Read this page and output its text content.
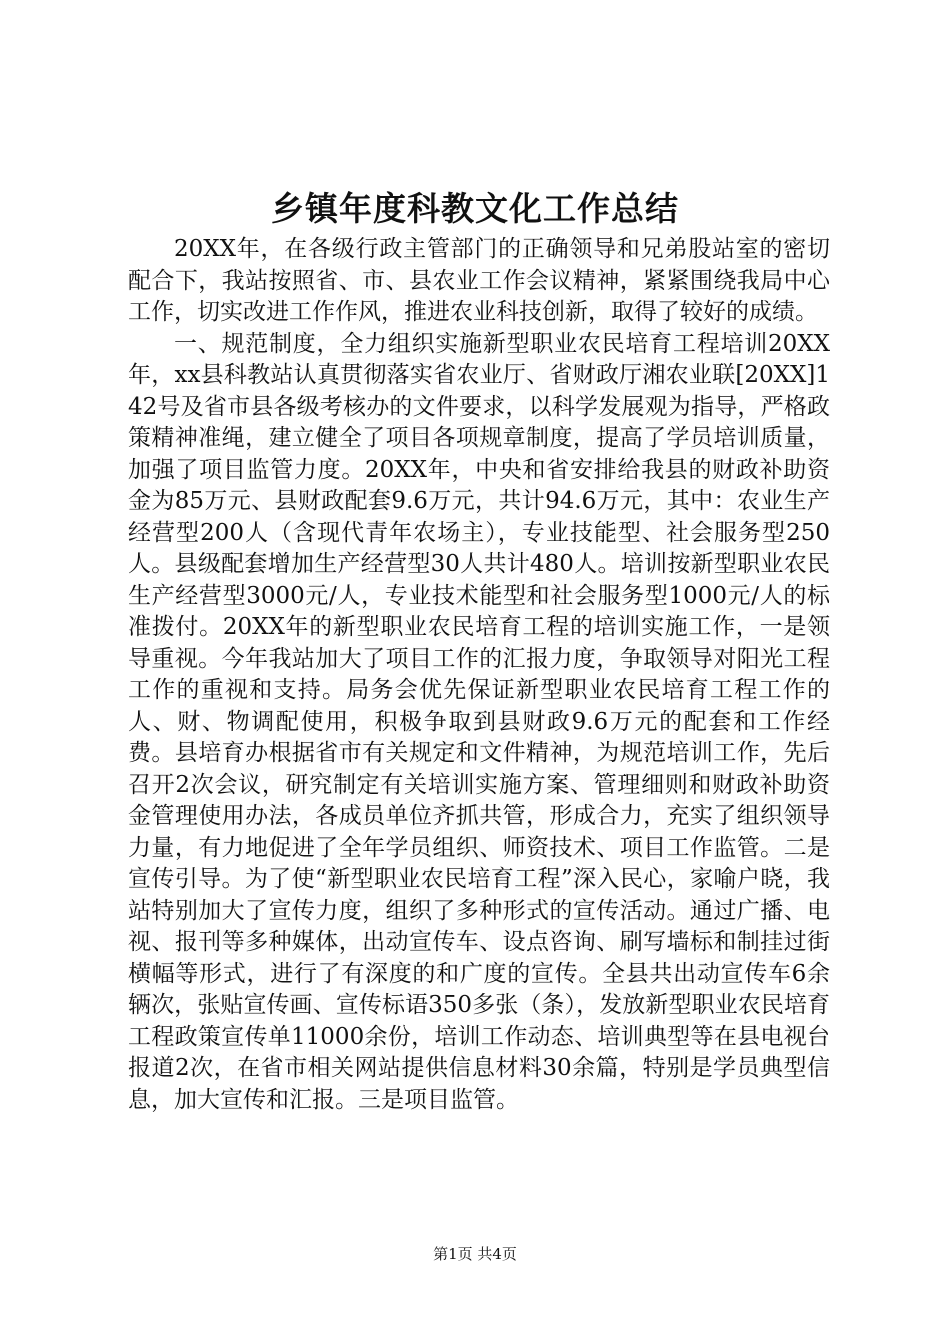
乡镇年度科教文化工作总结

20XX年，在各级行政主管部门的正确领导和兄弟股站室的密切配合下，我站按照省、市、县农业工作会议精神，紧紧围绕我局中心工作，切实改进工作作风，推进农业科技创新，取得了较好的成绩。

一、规范制度，全力组织实施新型职业农民培育工程培训20XX年，xx县科教站认真贯彻落实省农业厅、省财政厅湘农业联[20XX]142号及省市县各级考核办的文件要求，以科学发展观为指导，严格政策精神准绳，建立健全了项目各项规章制度，提高了学员培训质量，加强了项目监管力度。20XX年，中央和省安排给我县的财政补助资金为85万元、县财政配套9.6万元，共计94.6万元，其中：农业生产经营型200人（含现代青年农场主），专业技能型、社会服务型250人。县级配套增加生产经营型30人共计480人。培训按新型职业农民生产经营型3000元/人，专业技术能型和社会服务型1000元/人的标准拨付。20XX年的新型职业农民培育工程的培训实施工作，一是领导重视。今年我站加大了项目工作的汇报力度，争取领导对阳光工程工作的重视和支持。局务会优先保证新型职业农民培育工程工作的人、财、物调配使用，积极争取到县财政9.6万元的配套和工作经费。县培育办根据省市有关规定和文件精神，为规范培训工作，先后召开2次会议，研究制定有关培训实施方案、管理细则和财政补助资金管理使用办法，各成员单位齐抓共管，形成合力，充实了组织领导力量，有力地促进了全年学员组织、师资技术、项目工作监管。二是宣传引导。为了使“新型职业农民培育工程”深入民心，家喻户晓，我站特别加大了宣传力度，组织了多种形式的宣传活动。通过广播、电视、报刊等多种媒体，出动宣传车、设点咨询、刷写墙标和制挂过街横幅等形式，进行了有深度的和广度的宣传。全县共出动宣传车6余辆次，张贴宣传画、宣传标语350多张（条），发放新型职业农民培育工程政策宣传单11000余份，培训工作动态、培训典型等在县电视台报道2次，在省市相关网站提供信息材料30余篇，特别是学员典型信息，加大宣传和汇报。三是项目监管。

第1页 共4页
